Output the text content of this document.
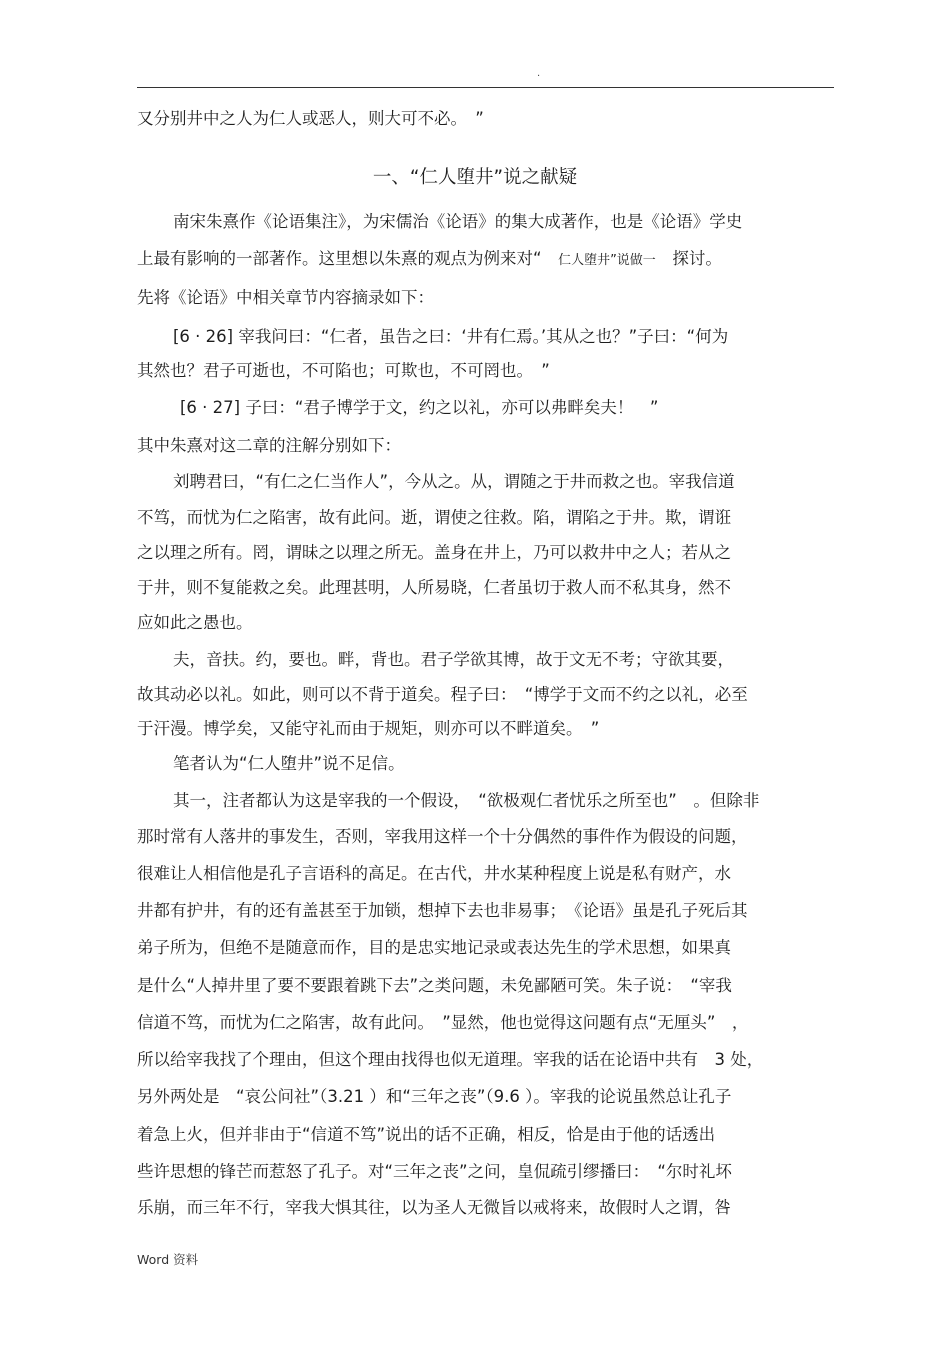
.
又分别井中之人为仁人或恶人，则大可不必。　”
一、“仁人堕井”说之献疑
南宋朱熹作《论语集注》，为宋儒治《论语》的集大成著作，也是《论语》学史
上最有影响的一部著作。这里想以朱熹的观点为例来对“　仁人堕井”说做一　探讨。
先将《论语》中相关章节内容摘录如下：
[6 · 26] 宰我问曰：“仁者，虽告之曰：‘井有仁焉。’其从之也？”子曰：“何为
其然也？君子可逝也，不可陷也；可欺也，不可罔也。　”
[6 · 27] 子曰：“君子博学于文，约之以礼，亦可以弗畔矣夫！　”
其中朱熹对这二章的注解分别如下：
刘聘君曰，“有仁之仁当作人”，今从之。从，谓随之于井而救之也。宰我信道
不笃，而忧为仁之陷害，故有此问。逝，谓使之往救。陷，谓陷之于井。欺，谓诳
之以理之所有。罔，谓昧之以理之所无。盖身在井上，乃可以救井中之人；若从之
于井，则不复能救之矣。此理甚明，人所易晓，仁者虽切于救人而不私其身，然不
应如此之愚也。
夫，音扶。约，要也。畔，背也。君子学欲其博，故于文无不考；守欲其要，
故其动必以礼。如此，则可以不背于道矣。程子曰：　“博学于文而不约之以礼，必至
于汗漫。博学矣，又能守礼而由于规矩，则亦可以不畔道矣。　”
笔者认为“仁人堕井”说不足信。
其一，注者都认为这是宰我的一个假设，　“欲极观仁者忧乐之所至也”　。但除非
那时常有人落井的事发生，否则，宰我用这样一个十分偶然的事件作为假设的问题，
很难让人相信他是孔子言语科的高足。在古代，井水某种程度上说是私有财产，水
井都有护井，有的还有盖甚至于加锁，想掉下去也非易事；　《论语》虽是孔子死后其
弟子所为，但绝不是随意而作，目的是忠实地记录或表达先生的学术思想，如果真
是什么“人掉井里了要不要跟着跳下去”之类问题，未免鄙陋可笑。朱子说：　“宰我
信道不笃，而忧为仁之陷害，故有此问。　”显然，他也觉得这问题有点“无厘头”　，
所以给宰我找了个理由，但这个理由找得也似无道理。宰我的话在论语中共有　3 处，
另外两处是　“哀公问社”（3.21 ）和“三年之丧”（9.6 ）。宰我的论说虽然总让孔子
着急上火，但并非由于“信道不笃”说出的话不正确，相反，恰是由于他的话透出
些许思想的锋芒而惹怒了孔子。对“三年之丧”之问，皇侃疏引缪播曰：　“尔时礼坏
乐崩，而三年不行，宰我大惧其往，以为圣人无微旨以戒将来，故假时人之谓，咎
Word 资料
